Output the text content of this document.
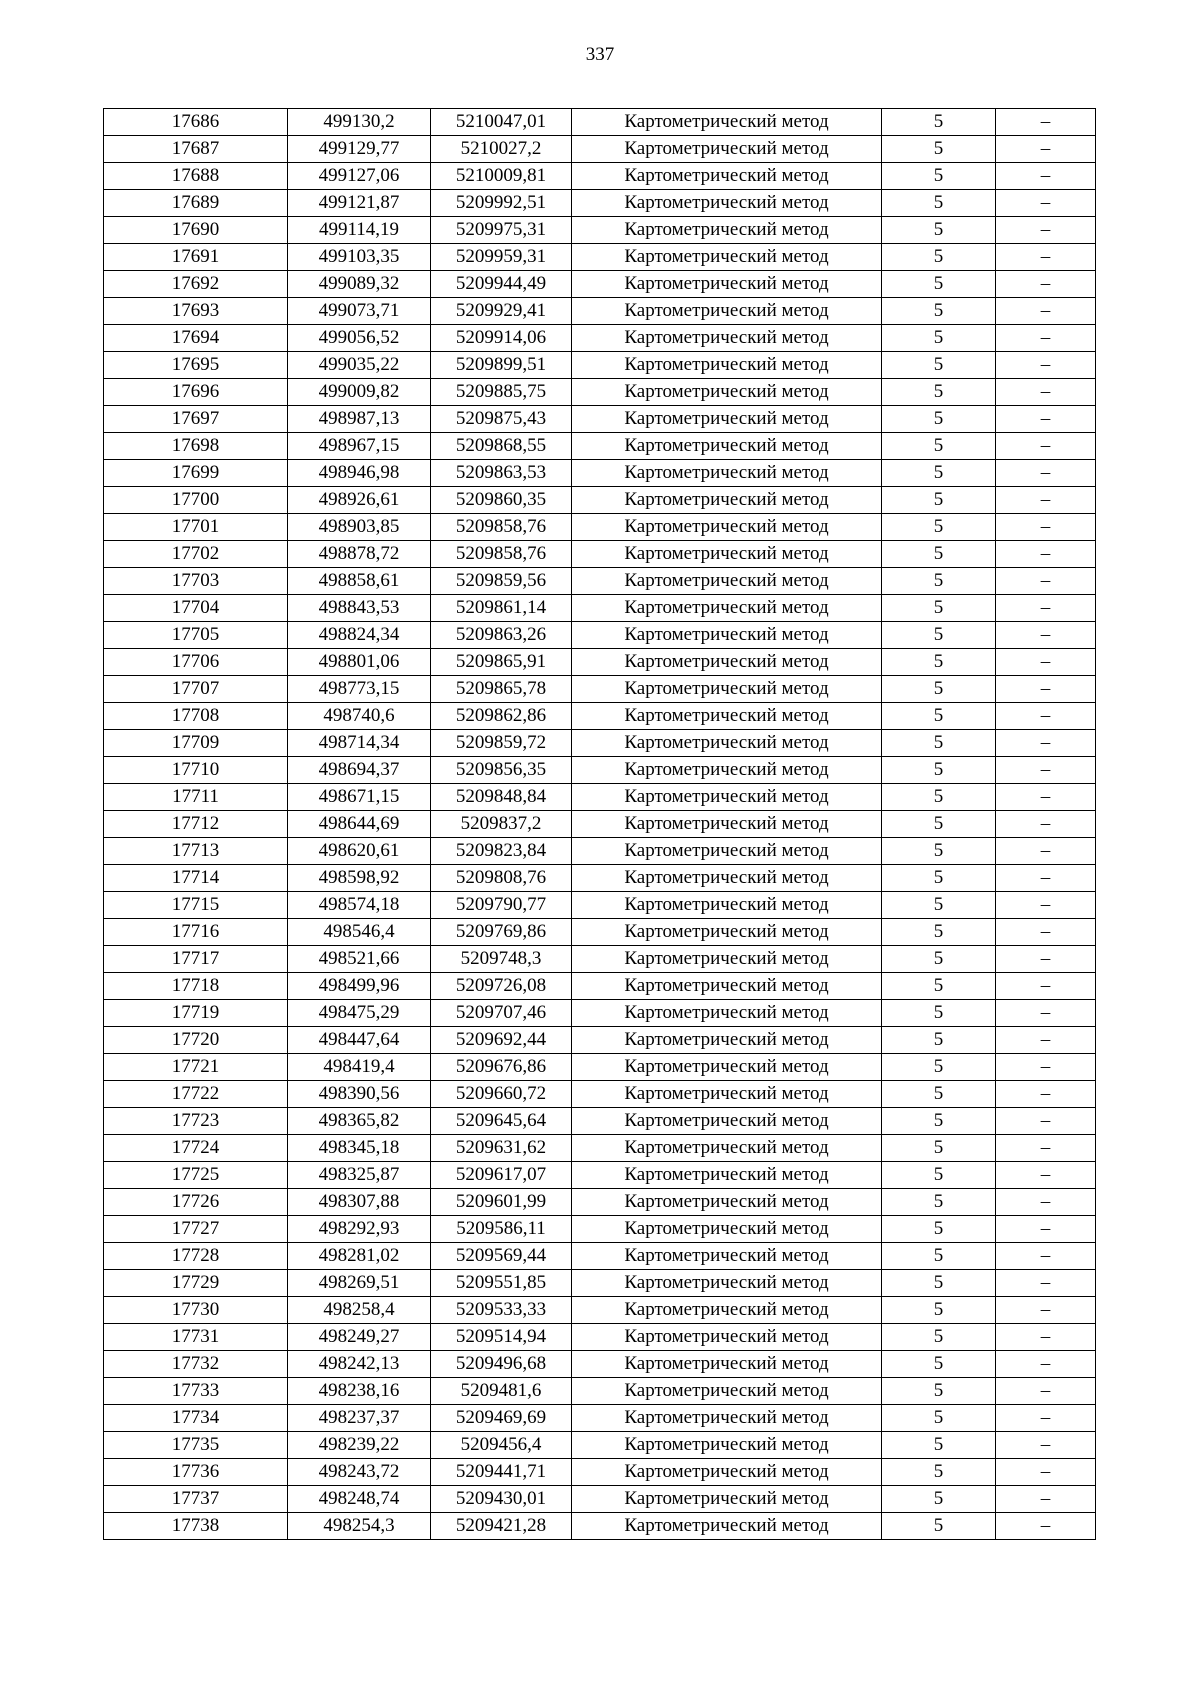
337
17686	499130,2	5210047,01	Картометрический метод	5	–
17687	499129,77	5210027,2	Картометрический метод	5	–
17688	499127,06	5210009,81	Картометрический метод	5	–
17689	499121,87	5209992,51	Картометрический метод	5	–
17690	499114,19	5209975,31	Картометрический метод	5	–
17691	499103,35	5209959,31	Картометрический метод	5	–
17692	499089,32	5209944,49	Картометрический метод	5	–
17693	499073,71	5209929,41	Картометрический метод	5	–
17694	499056,52	5209914,06	Картометрический метод	5	–
17695	499035,22	5209899,51	Картометрический метод	5	–
17696	499009,82	5209885,75	Картометрический метод	5	–
17697	498987,13	5209875,43	Картометрический метод	5	–
17698	498967,15	5209868,55	Картометрический метод	5	–
17699	498946,98	5209863,53	Картометрический метод	5	–
17700	498926,61	5209860,35	Картометрический метод	5	–
17701	498903,85	5209858,76	Картометрический метод	5	–
17702	498878,72	5209858,76	Картометрический метод	5	–
17703	498858,61	5209859,56	Картометрический метод	5	–
17704	498843,53	5209861,14	Картометрический метод	5	–
17705	498824,34	5209863,26	Картометрический метод	5	–
17706	498801,06	5209865,91	Картометрический метод	5	–
17707	498773,15	5209865,78	Картометрический метод	5	–
17708	498740,6	5209862,86	Картометрический метод	5	–
17709	498714,34	5209859,72	Картометрический метод	5	–
17710	498694,37	5209856,35	Картометрический метод	5	–
17711	498671,15	5209848,84	Картометрический метод	5	–
17712	498644,69	5209837,2	Картометрический метод	5	–
17713	498620,61	5209823,84	Картометрический метод	5	–
17714	498598,92	5209808,76	Картометрический метод	5	–
17715	498574,18	5209790,77	Картометрический метод	5	–
17716	498546,4	5209769,86	Картометрический метод	5	–
17717	498521,66	5209748,3	Картометрический метод	5	–
17718	498499,96	5209726,08	Картометрический метод	5	–
17719	498475,29	5209707,46	Картометрический метод	5	–
17720	498447,64	5209692,44	Картометрический метод	5	–
17721	498419,4	5209676,86	Картометрический метод	5	–
17722	498390,56	5209660,72	Картометрический метод	5	–
17723	498365,82	5209645,64	Картометрический метод	5	–
17724	498345,18	5209631,62	Картометрический метод	5	–
17725	498325,87	5209617,07	Картометрический метод	5	–
17726	498307,88	5209601,99	Картометрический метод	5	–
17727	498292,93	5209586,11	Картометрический метод	5	–
17728	498281,02	5209569,44	Картометрический метод	5	–
17729	498269,51	5209551,85	Картометрический метод	5	–
17730	498258,4	5209533,33	Картометрический метод	5	–
17731	498249,27	5209514,94	Картометрический метод	5	–
17732	498242,13	5209496,68	Картометрический метод	5	–
17733	498238,16	5209481,6	Картометрический метод	5	–
17734	498237,37	5209469,69	Картометрический метод	5	–
17735	498239,22	5209456,4	Картометрический метод	5	–
17736	498243,72	5209441,71	Картометрический метод	5	–
17737	498248,74	5209430,01	Картометрический метод	5	–
17738	498254,3	5209421,28	Картометрический метод	5	–
